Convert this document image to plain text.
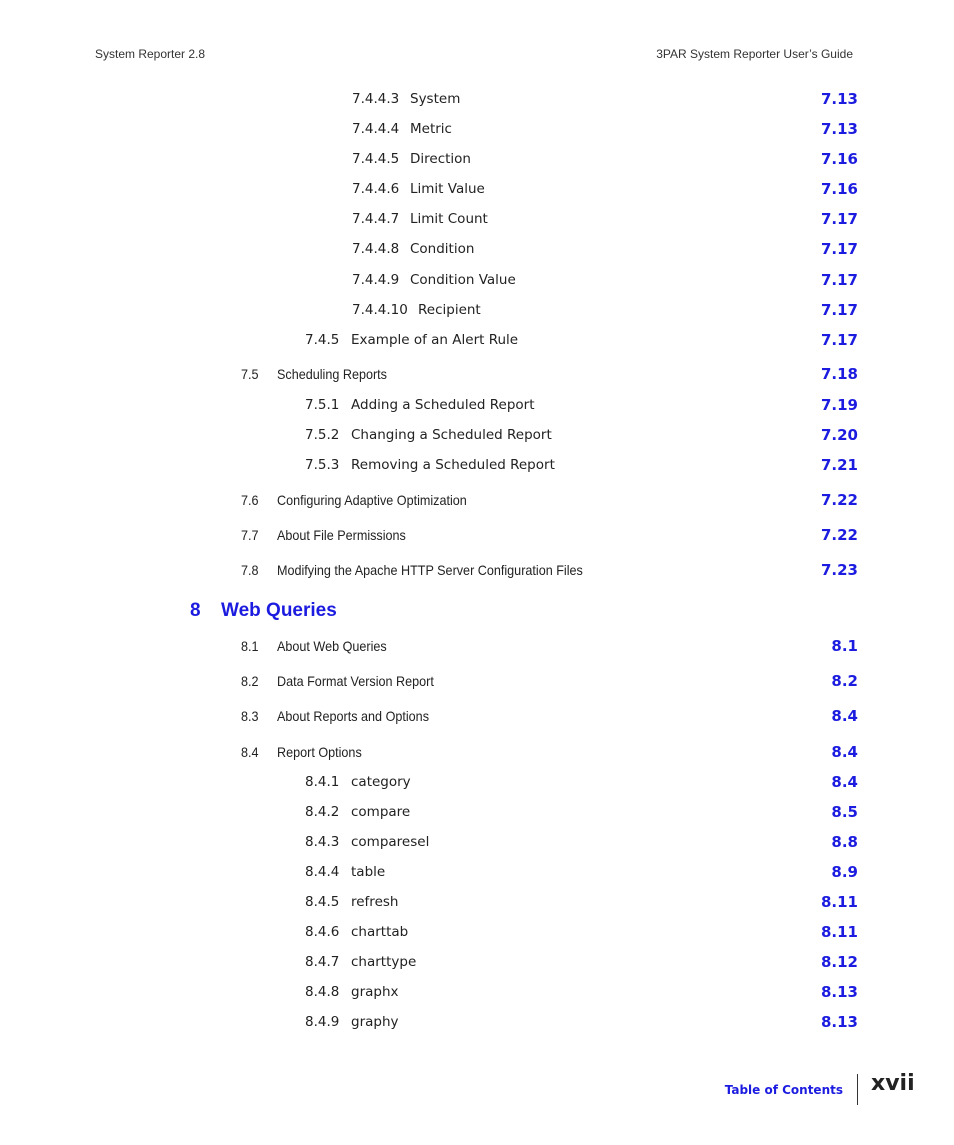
System Reporter 2.8	3PAR System Reporter User’s Guide
7.4.4.3 System	7.13
7.4.4.4 Metric	7.13
7.4.4.5 Direction	7.16
7.4.4.6 Limit Value	7.16
7.4.4.7 Limit Count	7.17
7.4.4.8 Condition	7.17
7.4.4.9 Condition Value	7.17
7.4.4.10 Recipient	7.17
7.4.5 Example of an Alert Rule	7.17
7.5 Scheduling Reports	7.18
7.5.1 Adding a Scheduled Report	7.19
7.5.2 Changing a Scheduled Report	7.20
7.5.3 Removing a Scheduled Report	7.21
7.6 Configuring Adaptive Optimization	7.22
7.7 About File Permissions	7.22
7.8 Modifying the Apache HTTP Server Configuration Files	7.23
8 Web Queries
8.1 About Web Queries	8.1
8.2 Data Format Version Report	8.2
8.3 About Reports and Options	8.4
8.4 Report Options	8.4
8.4.1 category	8.4
8.4.2 compare	8.5
8.4.3 comparesel	8.8
8.4.4 table	8.9
8.4.5 refresh	8.11
8.4.6 charttab	8.11
8.4.7 charttype	8.12
8.4.8 graphx	8.13
8.4.9 graphy	8.13
Table of Contents xvii
